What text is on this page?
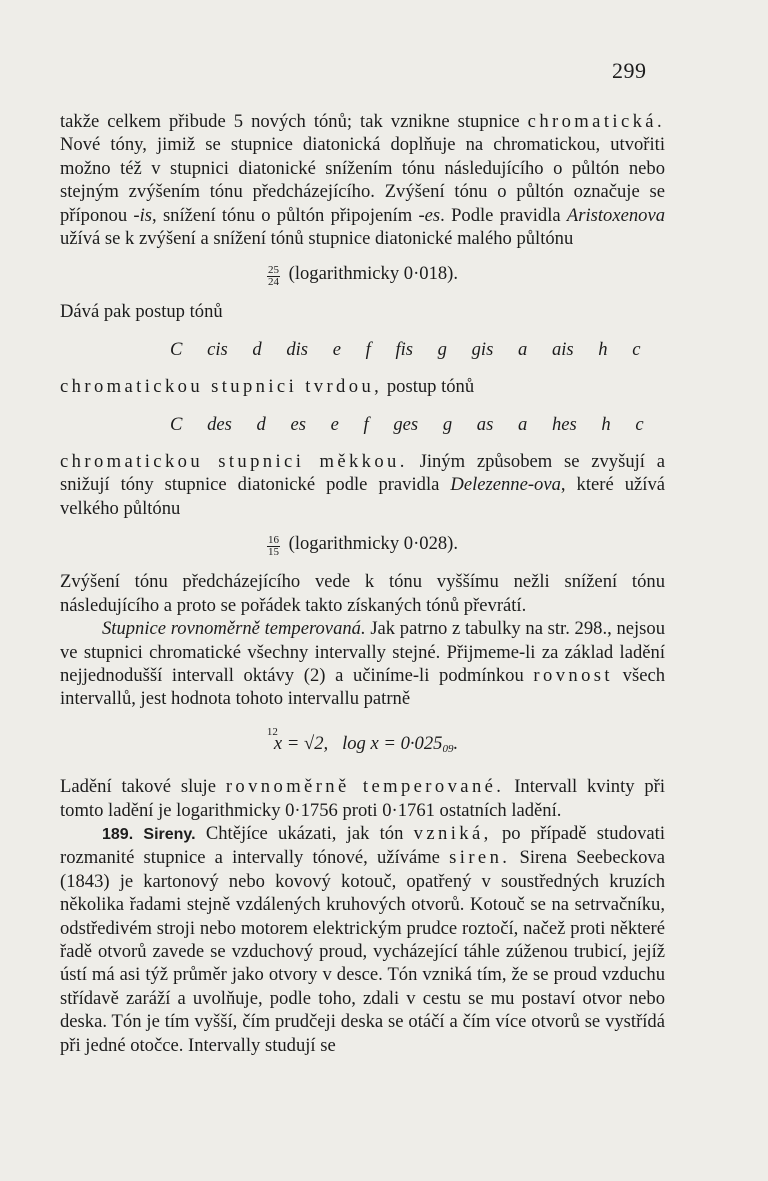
299

takže celkem přibude 5 nových tónů; tak vznikne stupnice chromatická. Nové tóny, jimiž se stupnice diatonická doplňuje na chromatickou, utvořiti možno též v stupnici diatonické snížením tónu následujícího o půltón nebo stejným zvýšením tónu předcházejícího. Zvýšení tónu o půltón označuje se příponou -is, snížení tónu o půltón připojením -es. Podle pravidla Aristoxenova užívá se k zvýšení a snížení tónů stupnice diatonické malého půltónu

$\frac{25}{24}$ (logarithmicky 0·018).

Dává pak postup tónů

C cis d dis e f fis g gis a ais h c

chromatickou stupnici tvrdou, postup tónů

C des d es e f ges g as a hes h c

chromatickou stupnici měkkou. Jiným způsobem se zvyšují a snižují tóny stupnice diatonické podle pravidla Delezenne-ova, které užívá velkého půltónu

$\frac{16}{15}$ (logarithmicky 0·028).

Zvýšení tónu předcházejícího vede k tónu vyššímu nežli snížení tónu následujícího a proto se pořádek takto získaných tónů převrátí.

Stupnice rovnoměrně temperovaná. Jak patrno z tabulky na str. 298., nejsou ve stupnici chromatické všechny intervally stejné. Přijmeme-li za základ ladění nejjednodušší intervall oktávy (2) a učiníme-li podmínkou rovnost všech intervallů, jest hodnota tohoto intervallu patrně

$^{12}$x = √2, $\log x = 0\cdot 025_{09}$.

Ladění takové sluje rovnoměrně temperované. Intervall kvinty při tomto ladění je logarithmicky 0·1756 proti 0·1761 ostatních ladění.

189. Sireny. Chtějíce ukázati, jak tón vzniká, po případě studovati rozmanité stupnice a intervally tónové, užíváme siren. Sirena Seebeckova (1843) je kartonový nebo kovový kotouč, opatřený v soustředných kruzích několika řadami stejně vzdálených kruhových otvorů. Kotouč se na setrvačníku, odstředivém stroji nebo motorem elektrickým prudce roztočí, načež proti některé řadě otvorů zavede se vzduchový proud, vycházející táhle zúženou trubicí, jejíž ústí má asi týž průměr jako otvory v desce. Tón vzniká tím, že se proud vzduchu střídavě zaráží a uvolňuje, podle toho, zdali v cestu se mu postaví otvor nebo deska. Tón je tím vyšší, čím prudčeji deska se otáčí a čím více otvorů se vystřídá při jedné otočce. Intervally studují se
